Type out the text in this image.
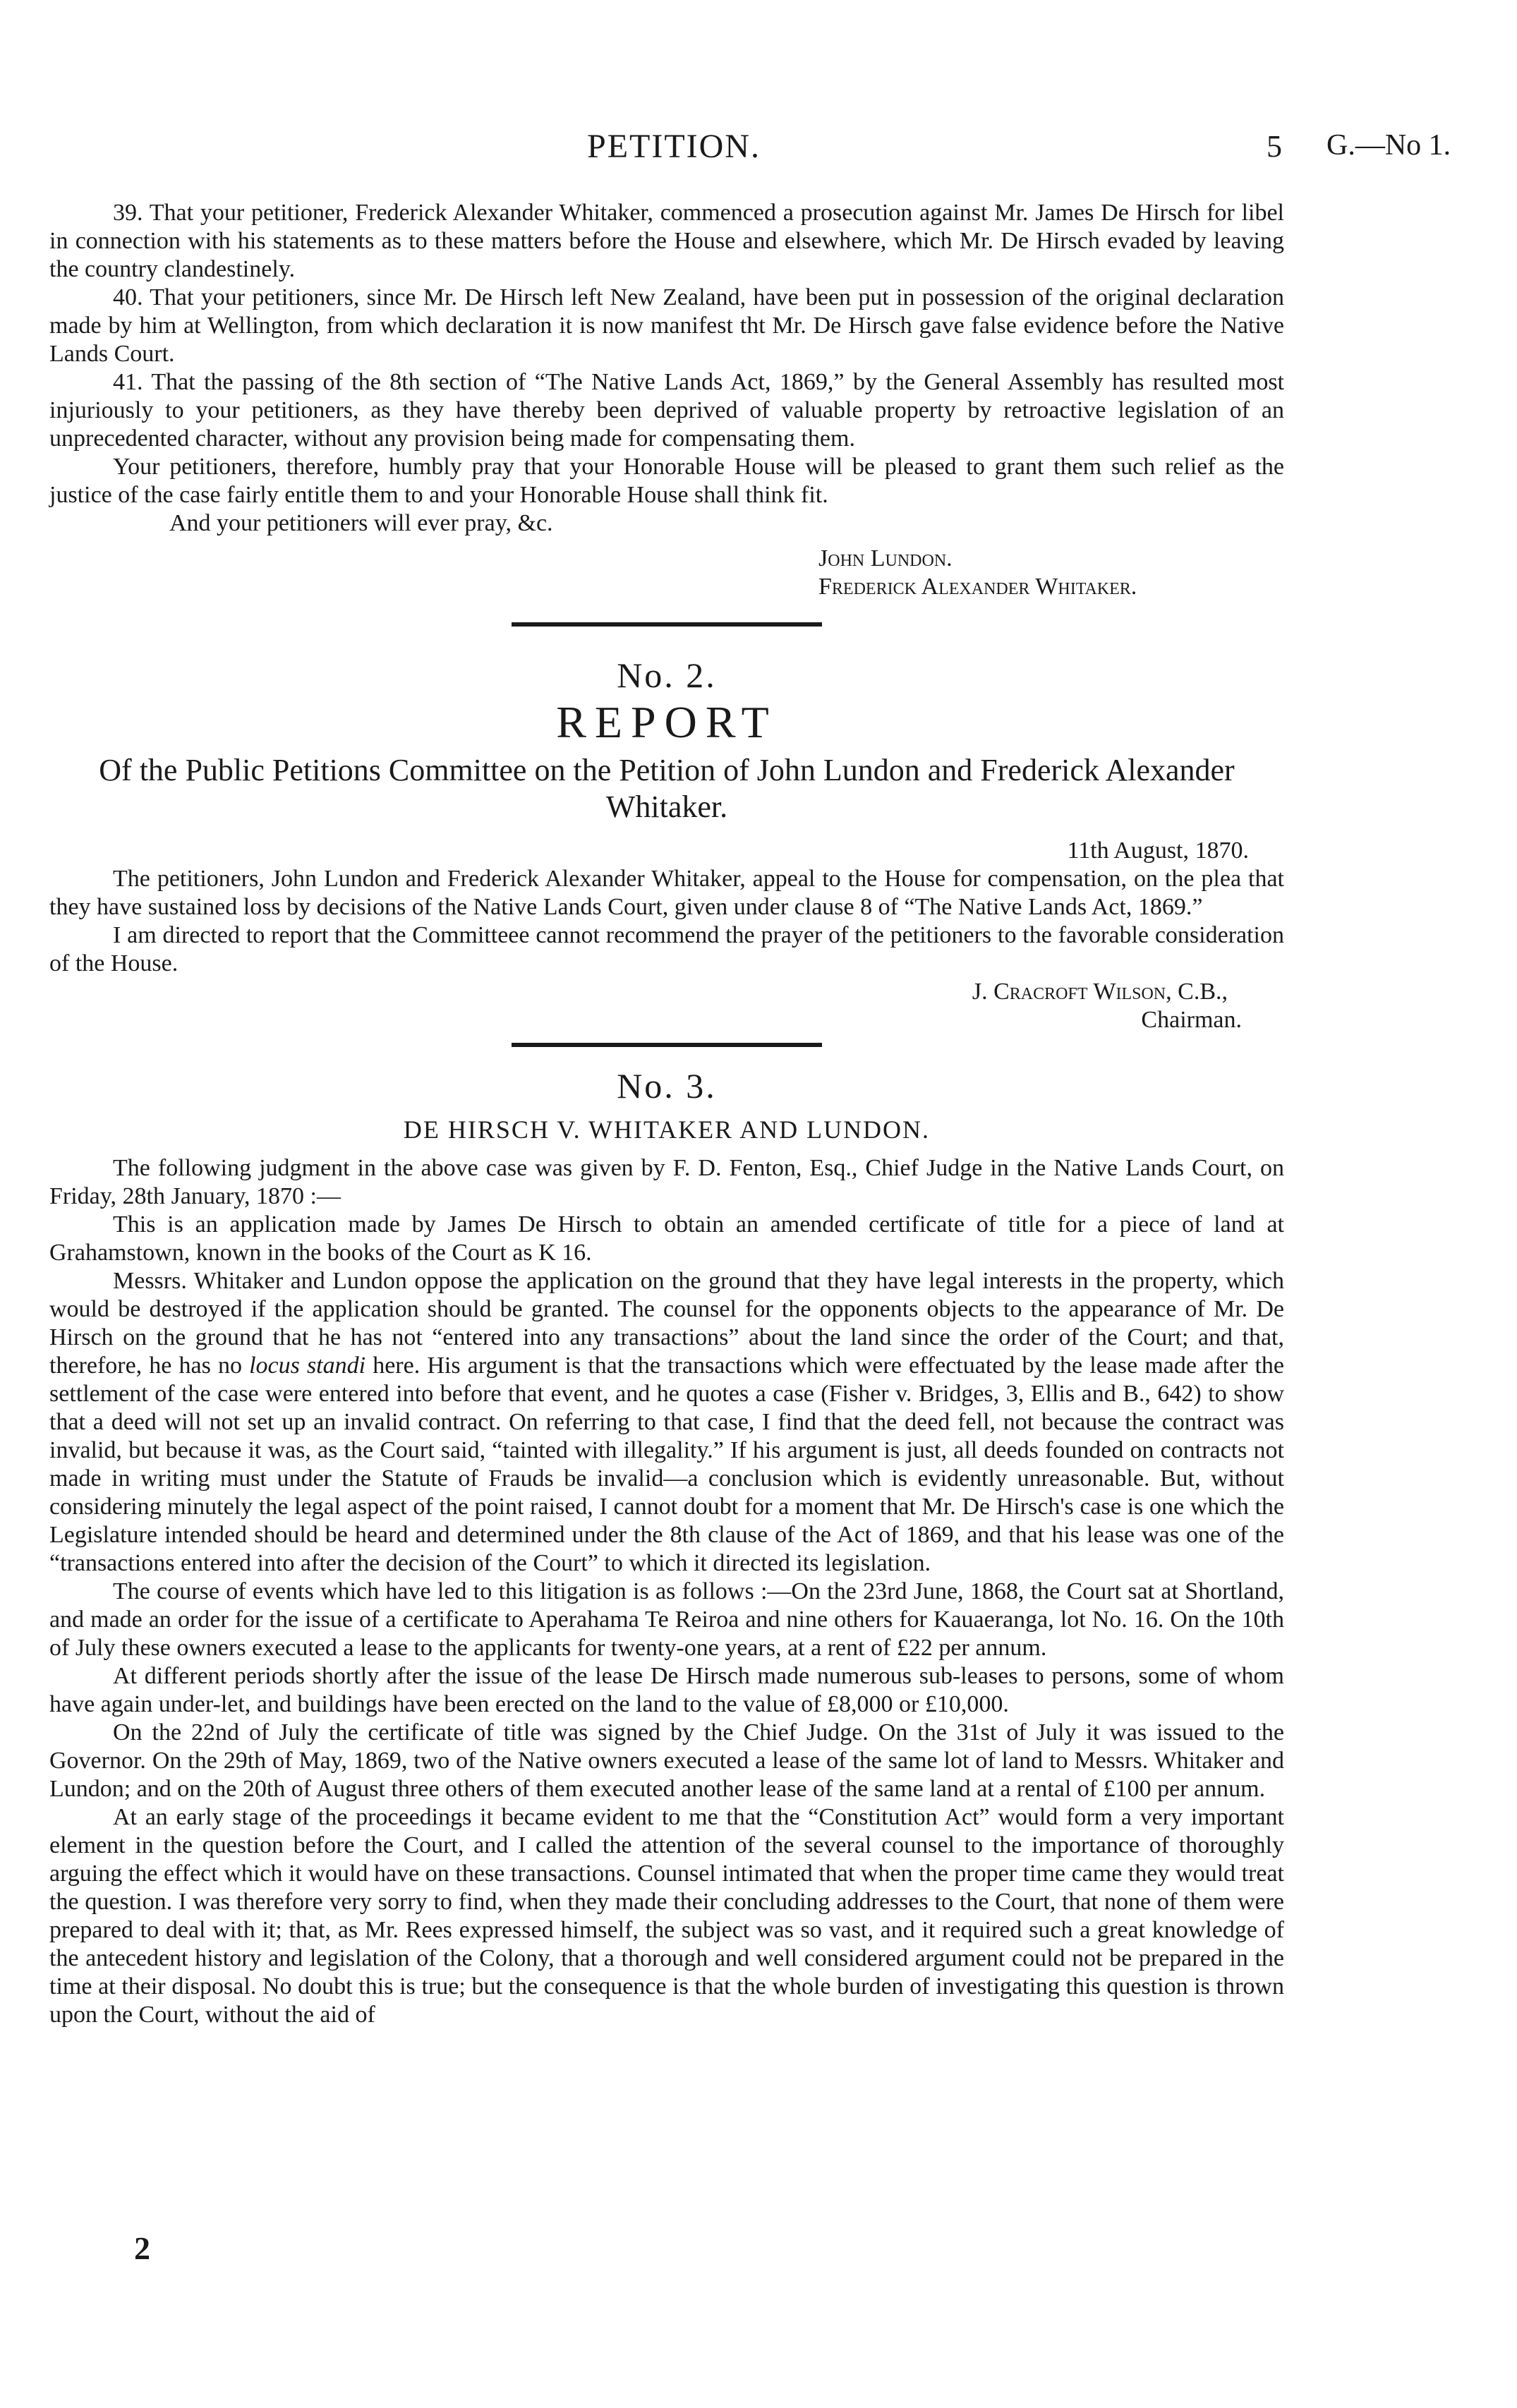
PETITION.	5 G.—No 1.

39. That your petitioner, Frederick Alexander Whitaker, commenced a prosecution against Mr. James De Hirsch for libel in connection with his statements as to these matters before the House and elsewhere, which Mr. De Hirsch evaded by leaving the country clandestinely.

40. That your petitioners, since Mr. De Hirsch left New Zealand, have been put in possession of the original declaration made by him at Wellington, from which declaration it is now manifest tht Mr. De Hirsch gave false evidence before the Native Lands Court.

41. That the passing of the 8th section of “The Native Lands Act, 1869,” by the General Assembly has resulted most injuriously to your petitioners, as they have thereby been deprived of valuable property by retroactive legislation of an unprecedented character, without any provision being made for compensating them.

Your petitioners, therefore, humbly pray that your Honorable House will be pleased to grant them such relief as the justice of the case fairly entitle them to and your Honorable House shall think fit.

And your petitioners will ever pray, &c.

John Lundon.

Frederick Alexander Whitaker.

No. 2.
REPORT
Of the Public Petitions Committee on the Petition of John Lundon and Frederick Alexander Whitaker.

11th August, 1870.

The petitioners, John Lundon and Frederick Alexander Whitaker, appeal to the House for compensation, on the plea that they have sustained loss by decisions of the Native Lands Court, given under clause 8 of “The Native Lands Act, 1869.”

I am directed to report that the Committeee cannot recommend the prayer of the petitioners to the favorable consideration of the House.

J. Cracroft Wilson, C.B.,

Chairman.

No. 3.
DE HIRSCH V. WHITAKER AND LUNDON.

The following judgment in the above case was given by F. D. Fenton, Esq., Chief Judge in the Native Lands Court, on Friday, 28th January, 1870 :—

This is an application made by James De Hirsch to obtain an amended certificate of title for a piece of land at Grahamstown, known in the books of the Court as K 16.

Messrs. Whitaker and Lundon oppose the application on the ground that they have legal interests in the property, which would be destroyed if the application should be granted. The counsel for the opponents objects to the appearance of Mr. De Hirsch on the ground that he has not “entered into any transactions” about the land since the order of the Court; and that, therefore, he has no locus standi here. His argument is that the transactions which were effectuated by the lease made after the settlement of the case were entered into before that event, and he quotes a case (Fisher v. Bridges, 3, Ellis and B., 642) to show that a deed will not set up an invalid contract. On referring to that case, I find that the deed fell, not because the contract was invalid, but because it was, as the Court said, “tainted with illegality.” If his argument is just, all deeds founded on contracts not made in writing must under the Statute of Frauds be invalid—a conclusion which is evidently unreasonable. But, without considering minutely the legal aspect of the point raised, I cannot doubt for a moment that Mr. De Hirsch's case is one which the Legislature intended should be heard and determined under the 8th clause of the Act of 1869, and that his lease was one of the “transactions entered into after the decision of the Court” to which it directed its legislation.

The course of events which have led to this litigation is as follows :—On the 23rd June, 1868, the Court sat at Shortland, and made an order for the issue of a certificate to Aperahama Te Reiroa and nine others for Kauaeranga, lot No. 16. On the 10th of July these owners executed a lease to the applicants for twenty-one years, at a rent of £22 per annum.

At different periods shortly after the issue of the lease De Hirsch made numerous sub-leases to persons, some of whom have again under-let, and buildings have been erected on the land to the value of £8,000 or £10,000.

On the 22nd of July the certificate of title was signed by the Chief Judge. On the 31st of July it was issued to the Governor. On the 29th of May, 1869, two of the Native owners executed a lease of the same lot of land to Messrs. Whitaker and Lundon; and on the 20th of August three others of them executed another lease of the same land at a rental of £100 per annum.

At an early stage of the proceedings it became evident to me that the “Constitution Act” would form a very important element in the question before the Court, and I called the attention of the several counsel to the importance of thoroughly arguing the effect which it would have on these transactions. Counsel intimated that when the proper time came they would treat the question. I was therefore very sorry to find, when they made their concluding addresses to the Court, that none of them were prepared to deal with it; that, as Mr. Rees expressed himself, the subject was so vast, and it required such a great knowledge of the antecedent history and legislation of the Colony, that a thorough and well considered argument could not be prepared in the time at their disposal. No doubt this is true; but the consequence is that the whole burden of investigating this question is thrown upon the Court, without the aid of

2
